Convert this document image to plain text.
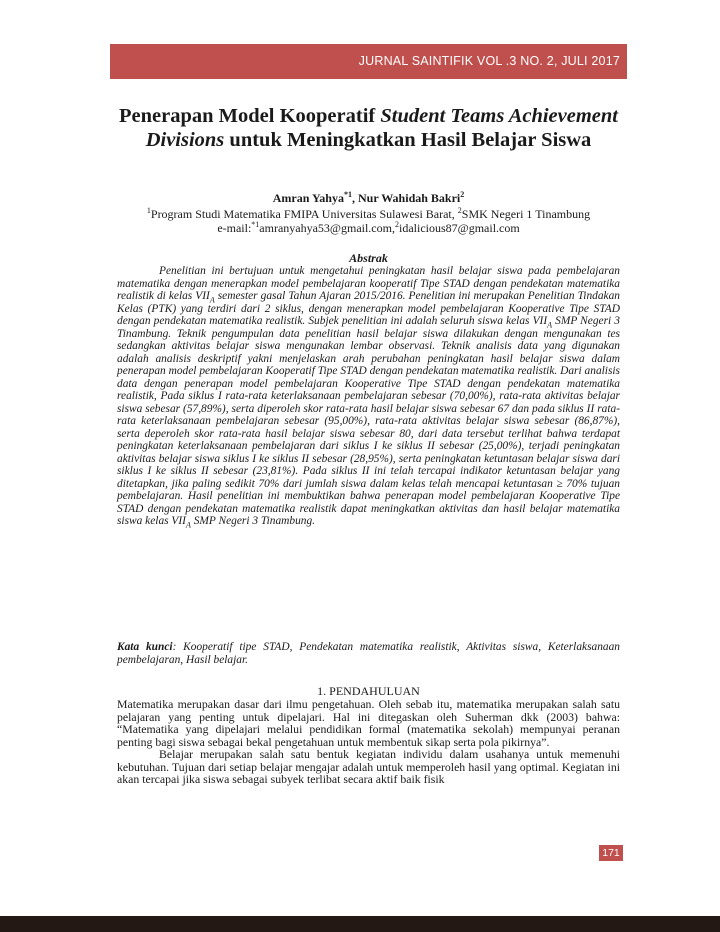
JURNAL SAINTIFIK VOL .3 NO. 2, JULI 2017
Penerapan Model Kooperatif Student Teams Achievement Divisions untuk Meningkatkan Hasil Belajar Siswa
Amran Yahya$^{*1}$, Nur Wahidah Bakri$^2$
$^1$Program Studi Matematika FMIPA Universitas Sulawesi Barat, $^2$SMK Negeri 1 Tinambung
e-mail:$^{*1}$amranyahya53@gmail.com,$^2$idalicious87@gmail.com
Abstrak
Penelitian ini bertujuan untuk mengetahui peningkatan hasil belajar siswa pada pembelajaran matematika dengan menerapkan model pembelajaran kooperatif Tipe STAD dengan pendekatan matematika realistik di kelas $VII_A$ semester gasal Tahun Ajaran 2015/2016. Penelitian ini merupakan Penelitian Tindakan Kelas (PTK) yang terdiri dari 2 siklus, dengan menerapkan model pembelajaran Kooperative Tipe STAD dengan pendekatan matematika realistik. Subjek penelitian ini adalah seluruh siswa kelas $VII_A$ SMP Negeri 3 Tinambung. Teknik pengumpulan data penelitian hasil belajar siswa dilakukan dengan mengunakan tes sedangkan aktivitas belajar siswa mengunakan lembar observasi. Teknik analisis data yang digunakan adalah analisis deskriptif yakni menjelaskan arah perubahan peningkatan hasil belajar siswa dalam penerapan model pembelajaran Kooperatif Tipe STAD dengan pendekatan matematika realistik. Dari analisis data dengan penerapan model pembelajaran Kooperative Tipe STAD dengan pendekatan matematika realistik, Pada siklus I rata-rata keterlaksanaan pembelajaran sebesar (70,00%), rata-rata aktivitas belajar siswa sebesar (57,89%), serta diperoleh skor rata-rata hasil belajar siswa sebesar 67 dan pada siklus II rata-rata keterlaksanaan pembelajaran sebesar (95,00%), rata-rata aktivitas belajar siswa sebesar (86,87%), serta deperoleh skor rata-rata hasil belajar siswa sebesar 80, dari data tersebut terlihat bahwa terdapat peningkatan keterlaksanaan pembelajaran dari siklus I ke siklus II sebesar (25,00%), terjadi peningkatan aktivitas belajar siswa siklus I ke siklus II sebesar (28,95%), serta peningkatan ketuntasan belajar siswa dari siklus I ke siklus II sebesar (23,81%). Pada siklus II ini telah tercapai indikator ketuntasan belajar yang ditetapkan, jika paling sedikit 70% dari jumlah siswa dalam kelas telah mencapai ketuntasan ≥ 70% tujuan pembelajaran. Hasil penelitian ini membuktikan bahwa penerapan model pembelajaran Kooperative Tipe STAD dengan pendekatan matematika realistik dapat meningkatkan aktivitas dan hasil belajar matematika siswa kelas $VII_A$ SMP Negeri 3 Tinambung.
Kata kunci: Kooperatif tipe STAD, Pendekatan matematika realistik, Aktivitas siswa, Keterlaksanaan pembelajaran, Hasil belajar.
1. PENDAHULUAN

Matematika merupakan dasar dari ilmu pengetahuan. Oleh sebab itu, matematika merupakan salah satu pelajaran yang penting untuk dipelajari. Hal ini ditegaskan oleh Suherman dkk (2003) bahwa: “Matematika yang dipelajari melalui pendidikan formal (matematika sekolah) mempunyai peranan penting bagi siswa sebagai bekal pengetahuan untuk membentuk sikap serta pola pikirnya”.

Belajar merupakan salah satu bentuk kegiatan individu dalam usahanya untuk memenuhi kebutuhan. Tujuan dari setiap belajar mengajar adalah untuk memperoleh hasil yang optimal. Kegiatan ini akan tercapai jika siswa sebagai subyek terlibat secara aktif baik fisik

171
